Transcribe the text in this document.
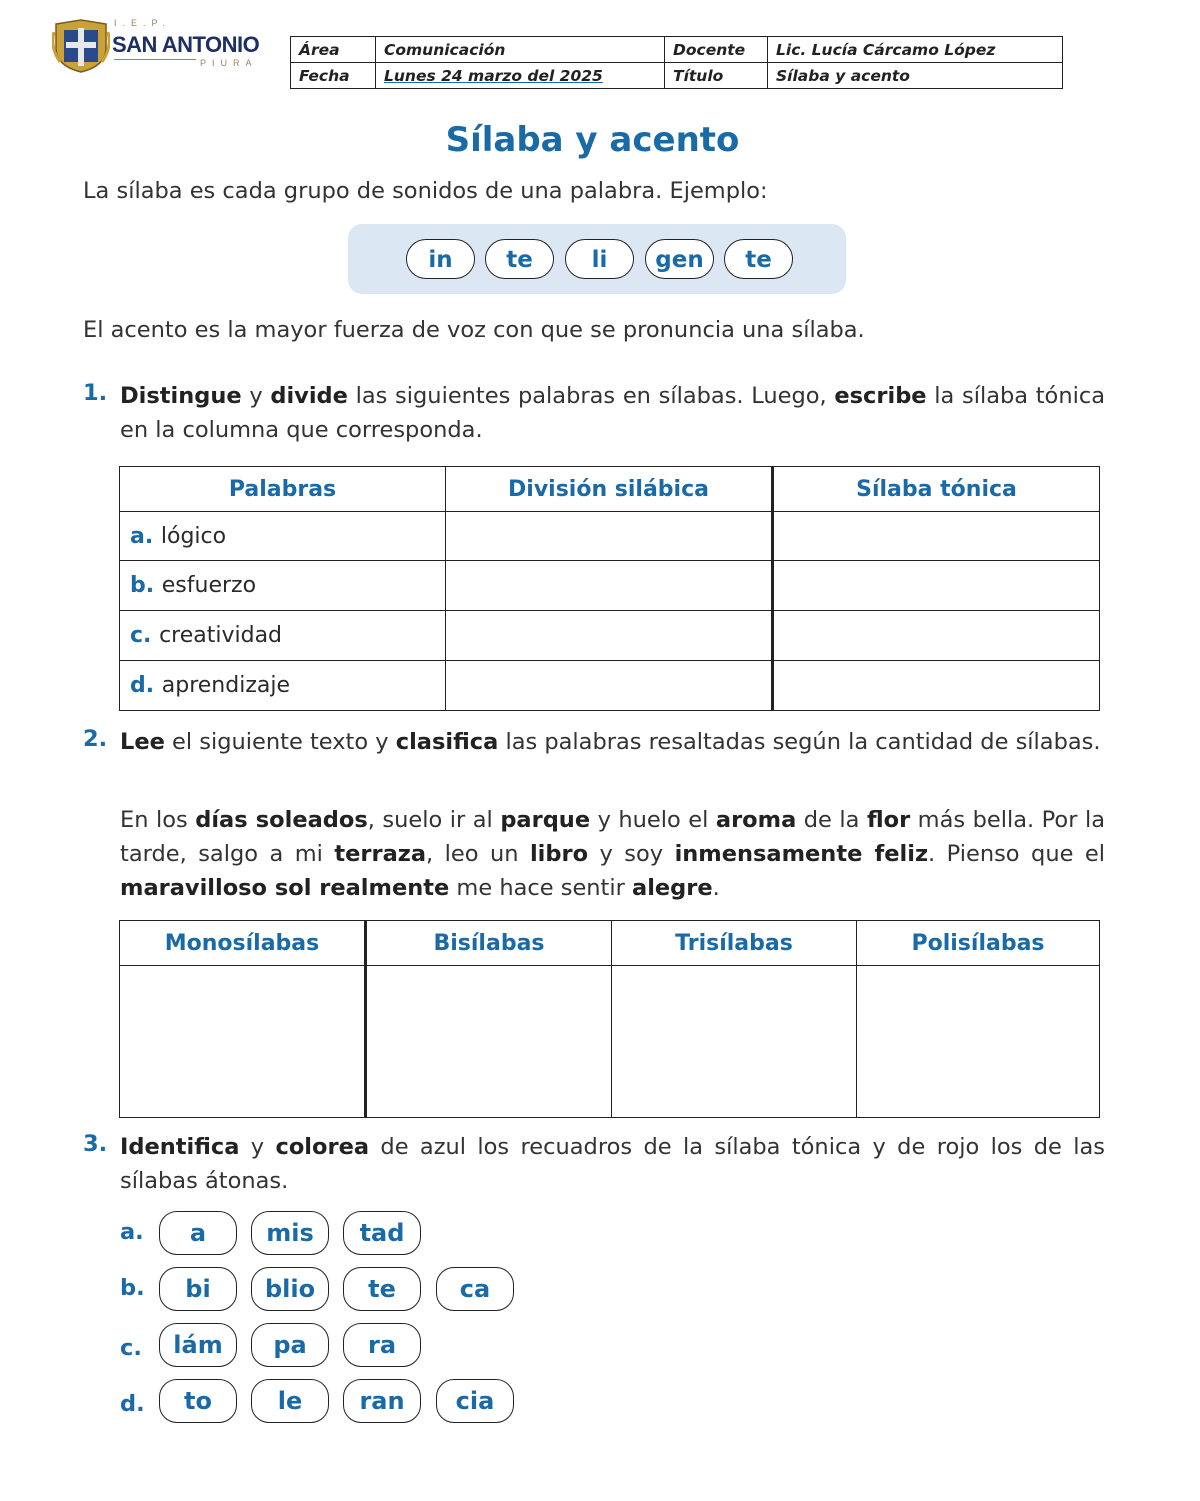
I.E.P.
SAN ANTONIO
PIURA
Área	Comunicación	Docente	Lic. Lucía Cárcamo López
Fecha	Lunes 24 marzo del 2025	Título	Sílaba y acento
Sílaba y acento
La sílaba es cada grupo de sonidos de una palabra. Ejemplo:
in	te	li	gen	te
El acento es la mayor fuerza de voz con que se pronuncia una sílaba.
1. Distingue y divide las siguientes palabras en sílabas. Luego, escribe la sílaba tónica en la columna que corresponda.
Palabras	División silábica	Sílaba tónica
a. lógico		
b. esfuerzo		
c. creatividad		
d. aprendizaje		
2. Lee el siguiente texto y clasifica las palabras resaltadas según la cantidad de sílabas.
En los días soleados, suelo ir al parque y huelo el aroma de la flor más bella. Por la tarde, salgo a mi terraza, leo un libro y soy inmensamente feliz. Pienso que el maravilloso sol realmente me hace sentir alegre.
Monosílabas	Bisílabas	Trisílabas	Polisílabas

3. Identifica y colorea de azul los recuadros de la sílaba tónica y de rojo los de las sílabas átonas.
a.	a	mis	tad
b.	bi	blio	te	ca
c.	lám	pa	ra
d.	to	le	ran	cia
